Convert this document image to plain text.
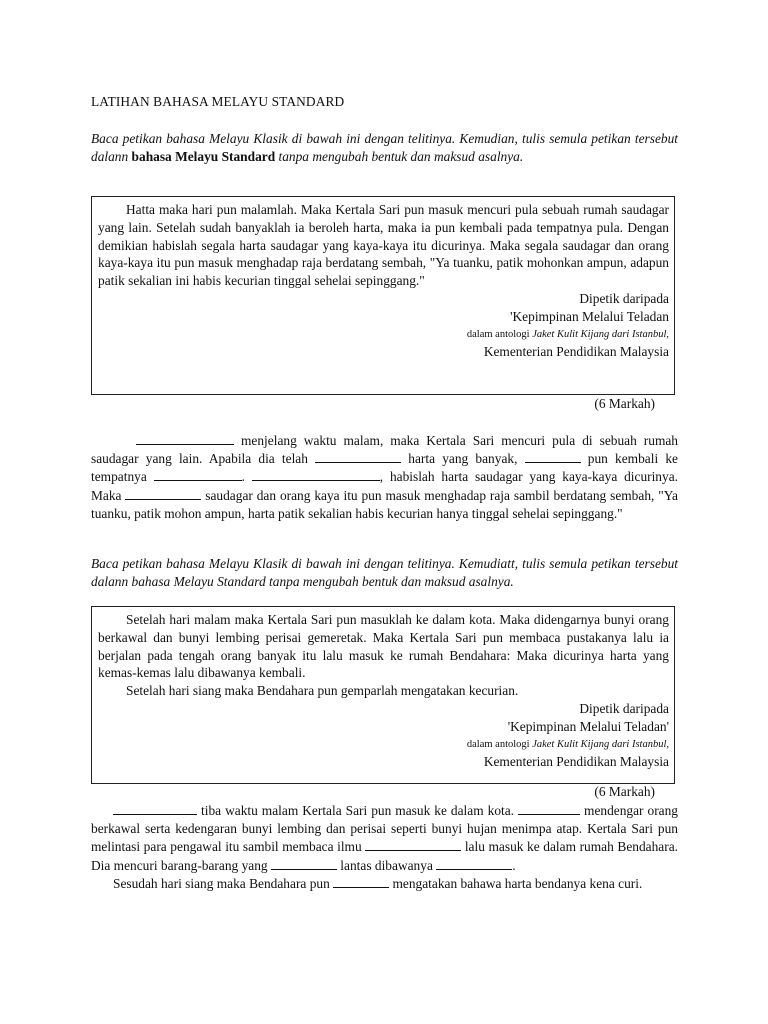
LATIHAN BAHASA MELAYU STANDARD
Baca petikan bahasa Melayu Klasik di bawah ini dengan telitinya. Kemudian, tulis semula petikan tersebut dalann bahasa Melayu Standard tanpa mengubah bentuk dan maksud asalnya.

Hatta maka hari pun malamlah. Maka Kertala Sari pun masuk mencuri pula sebuah rumah saudagar yang lain. Setelah sudah banyaklah ia beroleh harta, maka ia pun kembali pada tempatnya pula. Dengan demikian habislah segala harta saudagar yang kaya-kaya itu dicurinya. Maka segala saudagar dan orang kaya-kaya itu pun masuk menghadap raja berdatang sembah, "Ya tuanku, patik mohonkan ampun, adapun patik sekalian ini habis kecurian tinggal sehelai sepinggang."

Dipetik daripada
'Kepimpinan Melalui Teladan
dalam antologi Jaket Kulit Kijang dari Istanbul,
Kementerian Pendidikan Malaysia
(6 Markah)

menjelang waktu malam, maka Kertala Sari mencuri pula di sebuah rumah saudagar yang lain. Apabila dia telah	harta yang banyak,	pun kembali ke tempatnya	.	, habislah harta saudagar yang kaya-kaya dicurinya. Maka	saudagar dan orang kaya itu pun masuk menghadap raja sambil berdatang sembah, "Ya tuanku, patik mohon ampun, harta patik sekalian habis kecurian hanya tinggal sehelai sepinggang."

Baca petikan bahasa Melayu Klasik di bawah ini dengan telitinya. Kemudiatt, tulis semula petikan tersebut dalann bahasa Melayu Standard tanpa mengubah bentuk dan maksud asalnya.

Setelah hari malam maka Kertala Sari pun masuklah ke dalam kota. Maka didengarnya bunyi orang berkawal dan bunyi lembing perisai gemeretak. Maka Kertala Sari pun membaca pustakanya lalu ia berjalan pada tengah orang banyak itu lalu masuk ke rumah Bendahara: Maka dicurinya harta yang kemas-kemas lalu dibawanya kembali.

Setelah hari siang maka Bendahara pun gemparlah mengatakan kecurian.

Dipetik daripada
'Kepimpinan Melalui Teladan'
dalam antologi Jaket Kulit Kijang dari Istanbul,
Kementerian Pendidikan Malaysia
(6 Markah)

tiba waktu malam Kertala Sari pun masuk ke dalam kota.	mendengar orang berkawal serta kedengaran bunyi lembing dan perisai seperti bunyi hujan menimpa atap. Kertala Sari pun melintasi para pengawal itu sambil membaca ilmu	lalu masuk ke dalam rumah Bendahara. Dia mencuri barang-barang yang	lantas dibawanya	.

Sesudah hari siang maka Bendahara pun	mengatakan bahawa harta bendanya kena curi.
